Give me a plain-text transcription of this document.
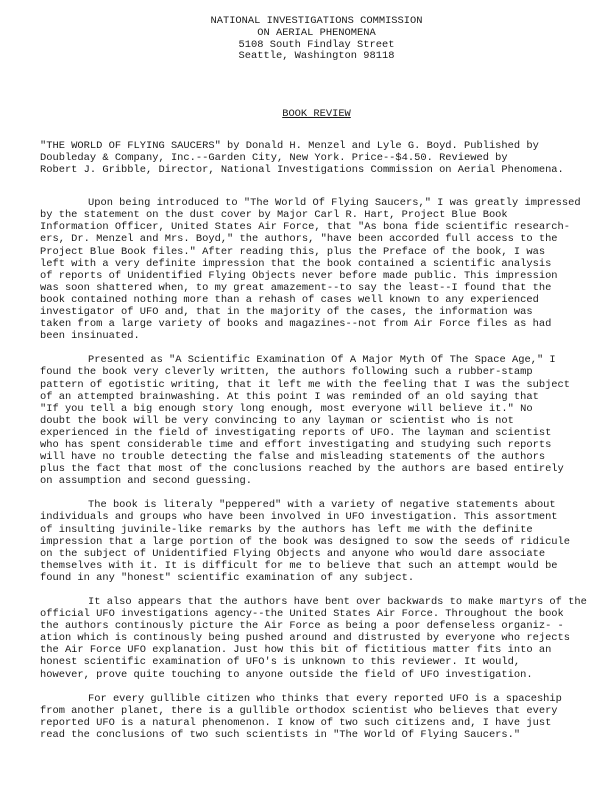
NATIONAL INVESTIGATIONS COMMISSION
ON AERIAL PHENOMENA
5108 South Findlay Street
Seattle, Washington 98118
BOOK REVIEW
"THE WORLD OF FLYING SAUCERS" by Donald H. Menzel and Lyle G. Boyd. Published by
Doubleday & Company, Inc.--Garden City, New York. Price--$4.50. Reviewed by
Robert J. Gribble, Director, National Investigations Commission on Aerial Phenomena.
Upon being introduced to "The World Of Flying Saucers," I was greatly impressed
by the statement on the dust cover by Major Carl R. Hart, Project Blue Book
Information Officer, United States Air Force, that "As bona fide scientific research-
ers, Dr. Menzel and Mrs. Boyd," the authors, "have been accorded full access to the
Project Blue Book files." After reading this, plus the Preface of the book, I was
left with a very definite impression that the book contained a scientific analysis
of reports of Unidentified Flying Objects never before made public. This impression
was soon shattered when, to my great amazement--to say the least--I found that the
book contained nothing more than a rehash of cases well known to any experienced
investigator of UFO and, that in the majority of the cases, the information was
taken from a large variety of books and magazines--not from Air Force files as had
been insinuated.
Presented as "A Scientific Examination Of A Major Myth Of The Space Age," I
found the book very cleverly written, the authors following such a rubber-stamp
pattern of egotistic writing, that it left me with the feeling that I was the subject
of an attempted brainwashing. At this point I was reminded of an old saying that
"If you tell a big enough story long enough, most everyone will believe it." No
doubt the book will be very convincing to any layman or scientist who is not
experienced in the field of investigating reports of UFO. The layman and scientist
who has spent considerable time and effort investigating and studying such reports
will have no trouble detecting the false and misleading statements of the authors
plus the fact that most of the conclusions reached by the authors are based entirely
on assumption and second guessing.
The book is literaly "peppered" with a variety of negative statements about
individuals and groups who have been involved in UFO investigation. This assortment
of insulting juvinile-like remarks by the authors has left me with the definite
impression that a large portion of the book was designed to sow the seeds of ridicule
on the subject of Unidentified Flying Objects and anyone who would dare associate
themselves with it. It is difficult for me to believe that such an attempt would be
found in any "honest" scientific examination of any subject.
It also appears that the authors have bent over backwards to make martyrs of the
official UFO investigations agency--the United States Air Force. Throughout the book
the authors continously picture the Air Force as being a poor defenseless organiz- -
ation which is continously being pushed around and distrusted by everyone who rejects
the Air Force UFO explanation. Just how this bit of fictitious matter fits into an
honest scientific examination of UFO's is unknown to this reviewer. It would,
however, prove quite touching to anyone outside the field of UFO investigation.
For every gullible citizen who thinks that every reported UFO is a spaceship
from another planet, there is a gullible orthodox scientist who believes that every
reported UFO is a natural phenomenon. I know of two such citizens and, I have just
read the conclusions of two such scientists in "The World Of Flying Saucers."
